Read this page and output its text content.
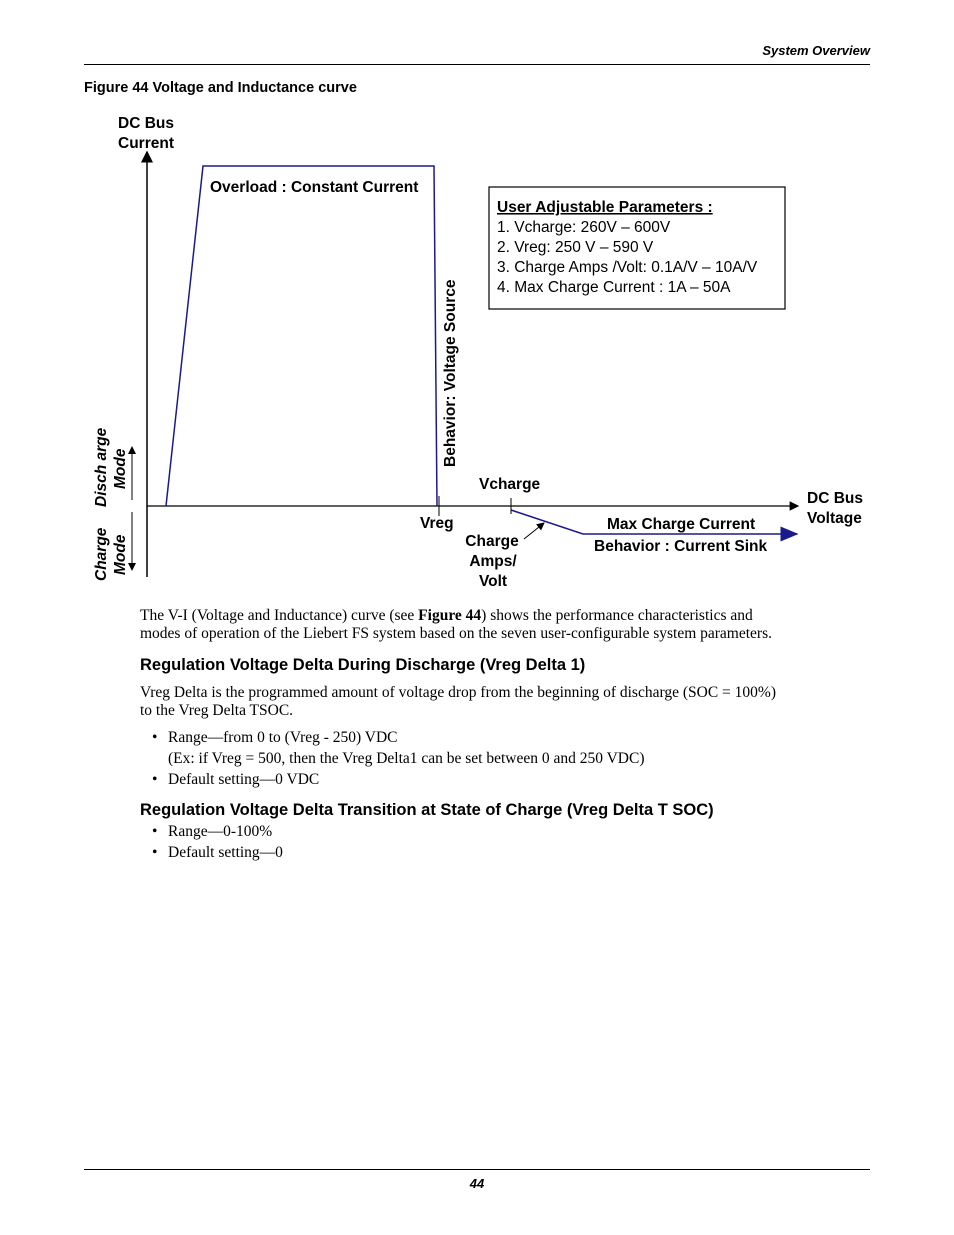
System Overview
Figure 44 Voltage and Inductance curve
DC Bus
Current
DC Bus
Voltage
Overload : Constant Current
Behavior: Voltage Source
Disch arge Mode
Charge Mode
Vreg
Vcharge
Charge
Amps/
Volt
Max Charge Current
Behavior : Current Sink
User Adjustable Parameters :
1. Vcharge: 260V – 600V
2. Vreg: 250 V – 590 V
3. Charge Amps /Volt: 0.1A/V – 10A/V
4. Max Charge Current : 1A – 50A
The V-I (Voltage and Inductance) curve (see Figure 44) shows the performance characteristics and
modes of operation of the Liebert FS system based on the seven user-configurable system parameters.
Regulation Voltage Delta During Discharge (Vreg Delta 1)
Vreg Delta is the programmed amount of voltage drop from the beginning of discharge (SOC = 100%)
to the Vreg Delta TSOC.
• Range—from 0 to (Vreg - 250) VDC
(Ex: if Vreg = 500, then the Vreg Delta1 can be set between 0 and 250 VDC)
• Default setting—0 VDC
Regulation Voltage Delta Transition at State of Charge (Vreg Delta T SOC)
• Range—0-100%
• Default setting—0
44
